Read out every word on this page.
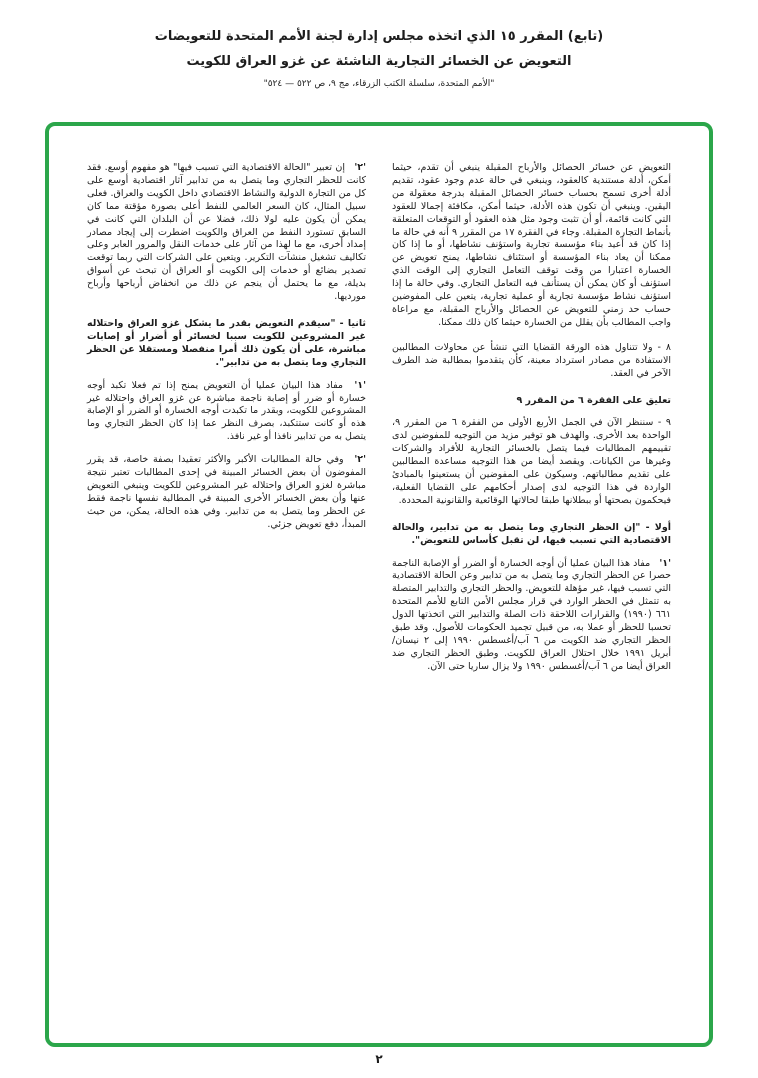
(تابع) المقرر ١٥ الذي اتخذه مجلس إدارة لجنة الأمم المتحدة للتعويضات
التعويض عن الخسائر التجارية الناشئة عن غزو العراق للكويت
"الأمم المتحدة، سلسلة الكتب الزرقاء، مج ٩، ص ٥٢٢ — ٥٢٤"

التعويض عن خسائر الحصائل والأرباح المقبلة ينبغي أن تقدم، حيثما أمكن، أدلة مستندية كالعقود، وينبغي في حالة عدم وجود عقود، تقديم أدلة أخرى تسمح بحساب خسائر الحصائل المقبلة بدرجة معقولة من اليقين. وينبغي أن تكون هذه الأدلة، حيثما أمكن، مكافئة إجمالا للعقود التي كانت قائمة، أو أن تثبت وجود مثل هذه العقود أو التوقعات المتعلقة بأنماط التجارة المقبلة. وجاء في الفقرة ١٧ من المقرر ٩ أنه في حالة ما إذا كان قد أعيد بناء مؤسسة تجارية واستؤنف نشاطها، أو ما إذا كان ممكنا أن يعاد بناء المؤسسة أو استئناف نشاطها، يمنح تعويض عن الخسارة اعتبارا من وقت توقف التعامل التجاري إلى الوقت الذي استؤنف أو كان يمكن أن يستأنف فيه التعامل التجاري. وفي حالة ما إذا استؤنف نشاط مؤسسة تجارية أو عملية تجارية، يتعين على المفوضين حساب حد زمني للتعويض عن الحصائل والأرباح المقبلة، مع مراعاة واجب المطالب بأن يقلل من الخسارة حيثما كان ذلك ممكنا.

٨ - ولا تتناول هذه الورقة القضايا التي تنشأ عن محاولات المطالبين الاستفادة من مصادر استرداد معينة، كأن يتقدموا بمطالبة ضد الطرف الآخر في العقد.

تعليق على الفقرة ٦ من المقرر ٩

٩ - سننظر الآن في الجمل الأربع الأولى من الفقرة ٦ من المقرر ٩، الواحدة بعد الأخرى. والهدف هو توفير مزيد من التوجيه للمفوضين لدى تقييمهم المطالبات فيما يتصل بالخسائر التجارية للأفراد والشركات وغيرها من الكيانات. ويقصد أيضا من هذا التوجيه مساعدة المطالبين على تقديم مطالباتهم. وسيكون على المفوضين أن يستعينوا بالمبادئ الواردة في هذا التوجيه لدى إصدار أحكامهم على القضايا الفعلية، فيحكمون بصحتها أو ببطلانها طبقا لحالاتها الوقائعية والقانونية المحددة.

أولا - "إن الحظر التجاري وما يتصل به من تدابير، والحالة الاقتصادية التي تسبب فيها، لن تقبل كأساس للتعويض".

'١' مفاد هذا البيان عمليا أن أوجه الخسارة أو الضرر أو الإصابة الناجمة حصرا عن الحظر التجاري وما يتصل به من تدابير وعن الحالة الاقتصادية التي تسبب فيها، غير مؤهلة للتعويض. والحظر التجاري والتدابير المتصلة به تتمثل في الحظر الوارد في قرار مجلس الأمن التابع للأمم المتحدة ٦٦١ (١٩٩٠) والقرارات اللاحقة ذات الصلة والتدابير التي اتخذتها الدول تحسبا للحظر أو عملا به، من قبيل تجميد الحكومات للأصول. وقد طبق الحظر التجاري ضد الكويت من ٦ آب/أغسطس ١٩٩٠ إلى ٢ نيسان/أبريل ١٩٩١ خلال احتلال العراق للكويت. وطبق الحظر التجاري ضد العراق أيضا من ٦ آب/أغسطس ١٩٩٠ ولا يزال ساريا حتى الآن.

'٢' إن تعبير "الحالة الاقتصادية التي تسبب فيها" هو مفهوم أوسع. فقد كانت للحظر التجاري وما يتصل به من تدابير آثار اقتصادية أوسع على كل من التجارة الدولية والنشاط الاقتصادي داخل الكويت والعراق. فعلى سبيل المثال، كان السعر العالمي للنفط أعلى بصورة مؤقتة مما كان يمكن أن يكون عليه لولا ذلك، فضلا عن أن البلدان التي كانت في السابق تستورد النفط من العراق والكويت اضطرت إلى إيجاد مصادر إمداد أخرى، مع ما لهذا من آثار على خدمات النقل والمرور العابر وعلى تكاليف تشغيل منشآت التكرير. ويتعين على الشركات التي ربما توقعت تصدير بضائع أو خدمات إلى الكويت أو العراق أن تبحث عن أسواق بديلة، مع ما يحتمل أن ينجم عن ذلك من انخفاض أرباحها وأرباح مورديها.

ثانيا - "سيقدم التعويض بقدر ما يشكل غزو العراق واحتلاله غير المشروعين للكويت سببا لخسائر أو أضرار أو إصابات مباشرة، على أن يكون ذلك أمرا منفصلا ومستقلا عن الحظر التجاري وما يتصل به من تدابير".

'١' مفاد هذا البيان عمليا أن التعويض يمنح إذا تم فعلا تكبد أوجه خسارة أو ضرر أو إصابة ناجمة مباشرة عن غزو العراق واحتلاله غير المشروعين للكويت، وبقدر ما تكبدت أوجه الخسارة أو الضرر أو الإصابة هذه أو كانت ستتكبد، بصرف النظر عما إذا كان الحظر التجاري وما يتصل به من تدابير نافذا أو غير نافذ.

'٢' وفي حالة المطالبات الأكبر والأكثر تعقيدا بصفة خاصة، قد يقرر المفوضون أن بعض الخسائر المبينة في إحدى المطالبات تعتبر نتيجة مباشرة لغزو العراق واحتلاله غير المشروعين للكويت وينبغي التعويض عنها وأن بعض الخسائر الأخرى المبينة في المطالبة نفسها ناجمة فقط عن الحظر وما يتصل به من تدابير. وفي هذه الحالة، يمكن، من حيث المبدأ، دفع تعويض جزئي.

٢
